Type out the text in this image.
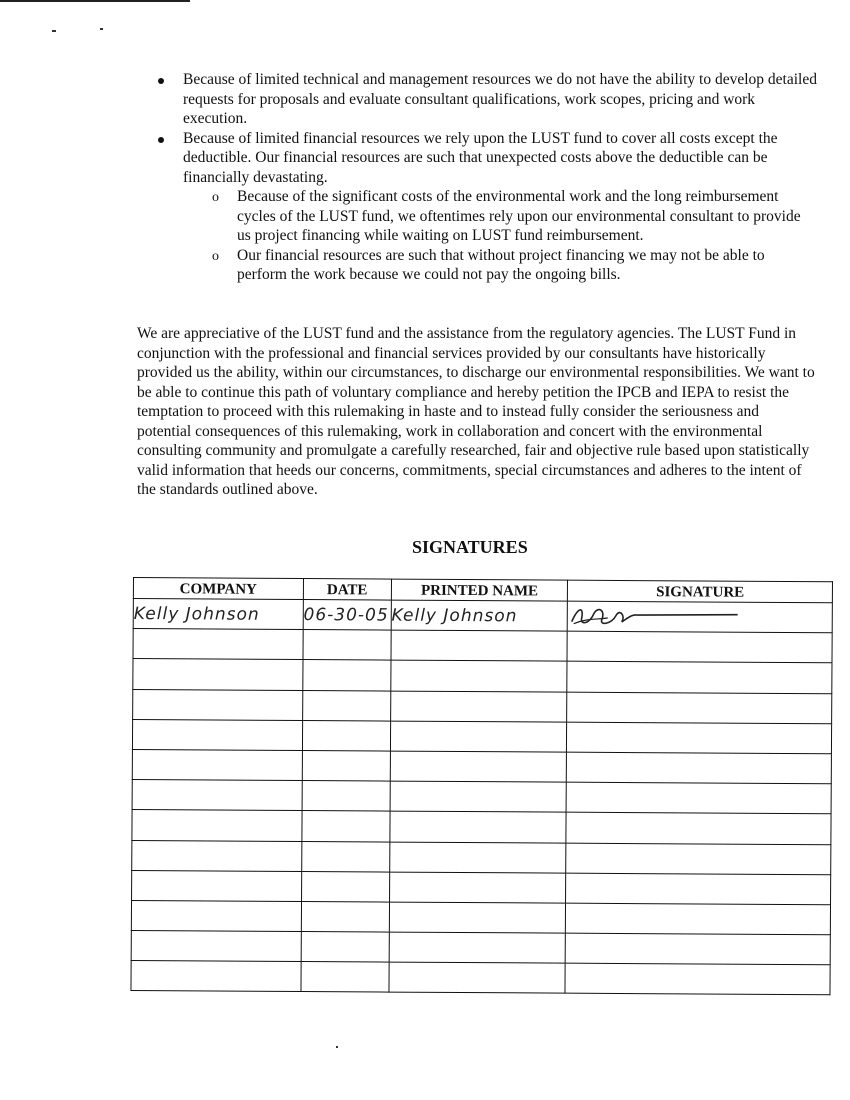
Because of limited technical and management resources we do not have the ability to develop detailed requests for proposals and evaluate consultant qualifications, work scopes, pricing and work execution.
Because of limited financial resources we rely upon the LUST fund to cover all costs except the deductible. Our financial resources are such that unexpected costs above the deductible can be financially devastating.
o Because of the significant costs of the environmental work and the long reimbursement cycles of the LUST fund, we oftentimes rely upon our environmental consultant to provide us project financing while waiting on LUST fund reimbursement.
o Our financial resources are such that without project financing we may not be able to perform the work because we could not pay the ongoing bills.
We are appreciative of the LUST fund and the assistance from the regulatory agencies. The LUST Fund in conjunction with the professional and financial services provided by our consultants have historically provided us the ability, within our circumstances, to discharge our environmental responsibilities. We want to be able to continue this path of voluntary compliance and hereby petition the IPCB and IEPA to resist the temptation to proceed with this rulemaking in haste and to instead fully consider the seriousness and potential consequences of this rulemaking, work in collaboration and concert with the environmental consulting community and promulgate a carefully researched, fair and objective rule based upon statistically valid information that heeds our concerns, commitments, special circumstances and adheres to the intent of the standards outlined above.
SIGNATURES
COMPANY	DATE	PRINTED NAME	SIGNATURE
Kelly Johnson	06-30-05	Kelly Johnson	
